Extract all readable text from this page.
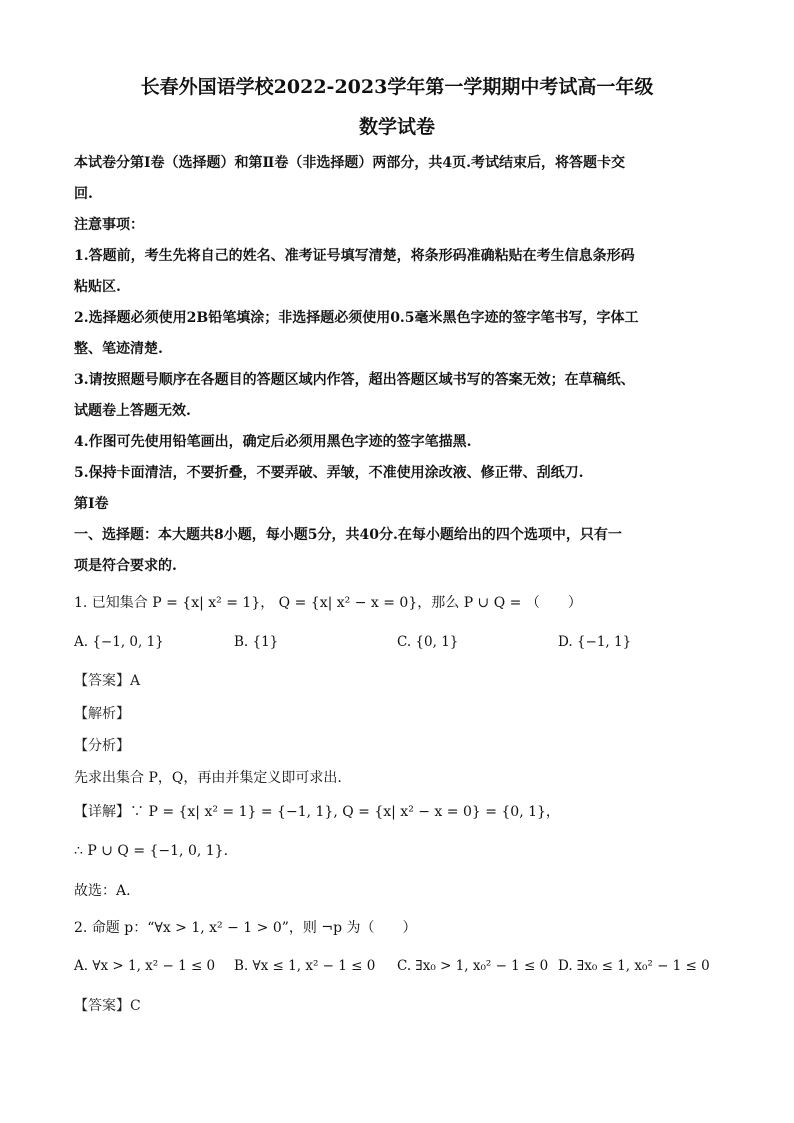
长春外国语学校2022-2023学年第一学期期中考试高一年级
数学试卷
本试卷分第Ⅰ卷（选择题）和第Ⅱ卷（非选择题）两部分，共4页.考试结束后，将答题卡交
回.
注意事项：
1.答题前，考生先将自己的姓名、准考证号填写清楚，将条形码准确粘贴在考生信息条形码
粘贴区.
2.选择题必须使用2B铅笔填涂；非选择题必须使用0.5毫米黑色字迹的签字笔书写，字体工
整、笔迹清楚.
3.请按照题号顺序在各题目的答题区域内作答，超出答题区域书写的答案无效；在草稿纸、
试题卷上答题无效.
4.作图可先使用铅笔画出，确定后必须用黑色字迹的签字笔描黑.
5.保持卡面清洁，不要折叠，不要弄破、弄皱，不准使用涂改液、修正带、刮纸刀.
第Ⅰ卷
一、选择题：本大题共8小题，每小题5分，共40分.在每小题给出的四个选项中，只有一
项是符合要求的.
1. 已知集合 P = {x| x² = 1}， Q = {x| x² − x = 0}，那么 P ∪ Q = （　　）
A. {−1, 0, 1}	B. {1}	C. {0, 1}	D. {−1, 1}
【答案】A
【解析】
【分析】
先求出集合 P，Q，再由并集定义即可求出.
【详解】∵ P = {x| x² = 1} = {−1, 1}, Q = {x| x² − x = 0} = {0, 1}，
∴ P ∪ Q = {−1, 0, 1}.
故选：A.
2. 命题 p：“∀x > 1, x² − 1 > 0”，则 ¬p 为（　　）
A. ∀x > 1, x² − 1 ≤ 0 B. ∀x ≤ 1, x² − 1 ≤ 0 C. ∃x₀ > 1, x₀² − 1 ≤ 0 D. ∃x₀ ≤ 1, x₀² − 1 ≤ 0
【答案】C
